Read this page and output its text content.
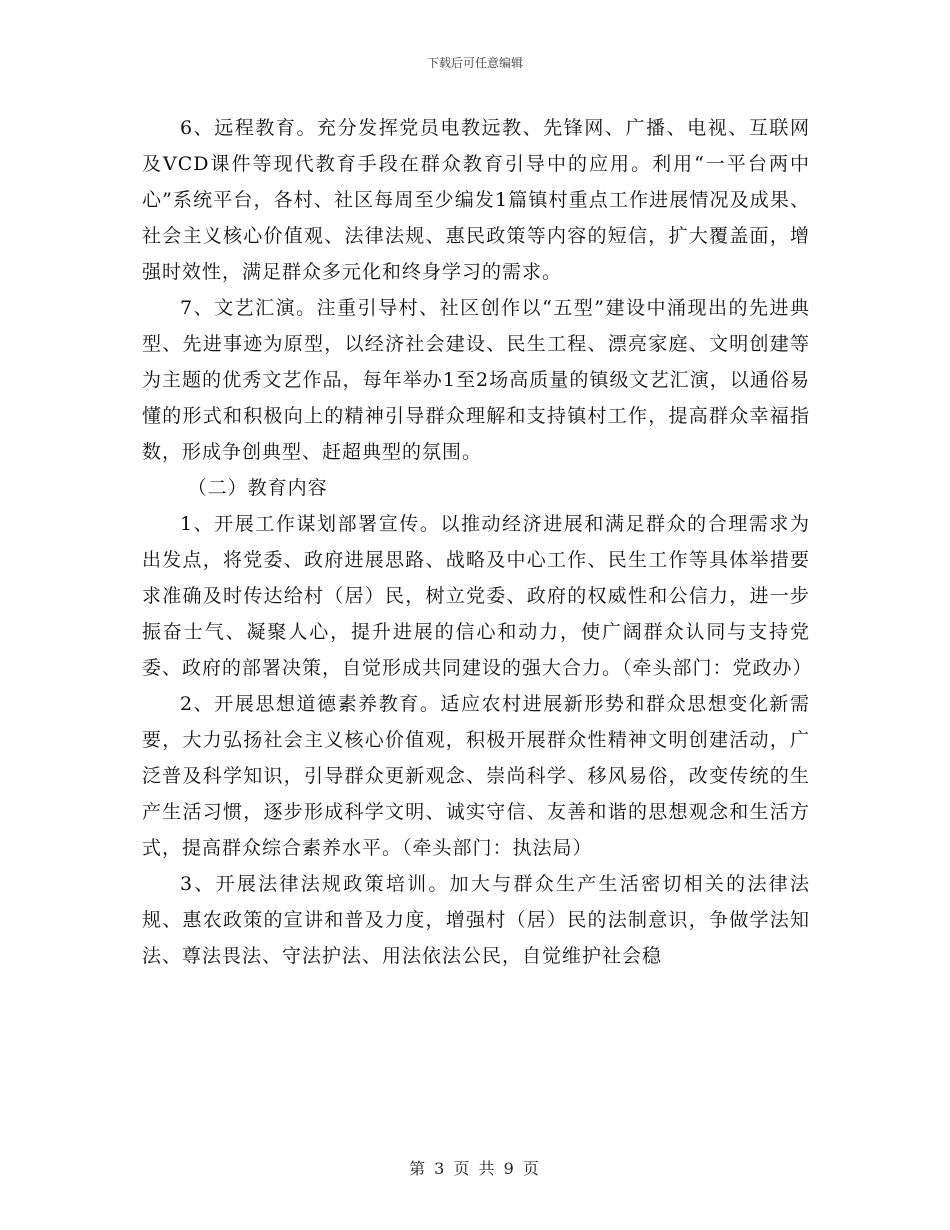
下载后可任意编辑

6、远程教育。充分发挥党员电教远教、先锋网、广播、电视、互联网及VCD课件等现代教育手段在群众教育引导中的应用。利用“一平台两中心”系统平台，各村、社区每周至少编发1篇镇村重点工作进展情况及成果、社会主义核心价值观、法律法规、惠民政策等内容的短信，扩大覆盖面，增强时效性，满足群众多元化和终身学习的需求。

7、文艺汇演。注重引导村、社区创作以“五型”建设中涌现出的先进典型、先进事迹为原型，以经济社会建设、民生工程、漂亮家庭、文明创建等为主题的优秀文艺作品，每年举办1至2场高质量的镇级文艺汇演，以通俗易懂的形式和积极向上的精神引导群众理解和支持镇村工作，提高群众幸福指数，形成争创典型、赶超典型的氛围。

（二）教育内容

1、开展工作谋划部署宣传。以推动经济进展和满足群众的合理需求为出发点，将党委、政府进展思路、战略及中心工作、民生工作等具体举措要求准确及时传达给村（居）民，树立党委、政府的权威性和公信力，进一步振奋士气、凝聚人心，提升进展的信心和动力，使广阔群众认同与支持党委、政府的部署决策，自觉形成共同建设的强大合力。（牵头部门：党政办）

2、开展思想道德素养教育。适应农村进展新形势和群众思想变化新需要，大力弘扬社会主义核心价值观，积极开展群众性精神文明创建活动，广泛普及科学知识，引导群众更新观念、崇尚科学、移风易俗，改变传统的生产生活习惯，逐步形成科学文明、诚实守信、友善和谐的思想观念和生活方式，提高群众综合素养水平。（牵头部门：执法局）

3、开展法律法规政策培训。加大与群众生产生活密切相关的法律法规、惠农政策的宣讲和普及力度，增强村（居）民的法制意识，争做学法知法、尊法畏法、守法护法、用法依法公民，自觉维护社会稳

第 3 页 共 9 页
